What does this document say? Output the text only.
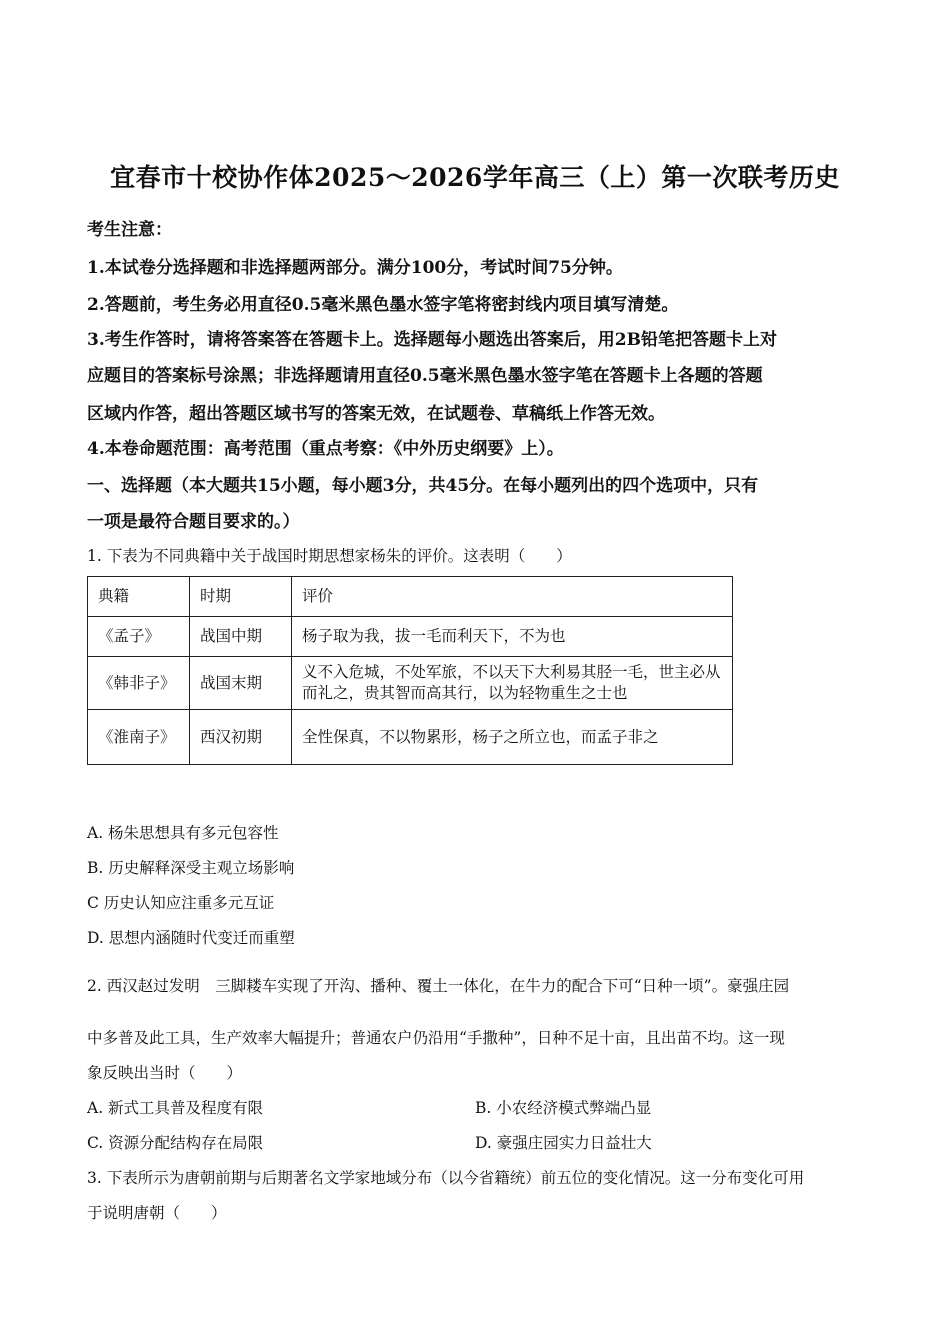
宜春市十校协作体2025～2026学年高三（上）第一次联考历史
考生注意：
1.本试卷分选择题和非选择题两部分。满分100分，考试时间75分钟。
2.答题前，考生务必用直径0.5毫米黑色墨水签字笔将密封线内项目填写清楚。
3.考生作答时，请将答案答在答题卡上。选择题每小题选出答案后，用2B铅笔把答题卡上对
应题目的答案标号涂黑；非选择题请用直径0.5毫米黑色墨水签字笔在答题卡上各题的答题
区域内作答，超出答题区域书写的答案无效，在试题卷、草稿纸上作答无效。
4.本卷命题范围：高考范围（重点考察：《中外历史纲要》上）。
一、选择题（本大题共15小题，每小题3分，共45分。在每小题列出的四个选项中，只有
一项是最符合题目要求的。）
1. 下表为不同典籍中关于战国时期思想家杨朱的评价。这表明（　　）
典籍	时期	评价
《孟子》	战国中期	杨子取为我，拔一毛而利天下，不为也
《韩非子》	战国末期	义不入危城，不处军旅，不以天下大利易其胫一毛，世主必从而礼之，贵其智而高其行，以为轻物重生之士也
《淮南子》	西汉初期	全性保真，不以物累形，杨子之所立也，而孟子非之
A. 杨朱思想具有多元包容性
B. 历史解释深受主观立场影响
C 历史认知应注重多元互证
D. 思想内涵随时代变迁而重塑
2. 西汉赵过发明　三脚耧车实现了开沟、播种、覆土一体化，在牛力的配合下可“日种一顷”。豪强庄园
中多普及此工具，生产效率大幅提升；普通农户仍沿用“手撒种”，日种不足十亩，且出苗不均。这一现
象反映出当时（　　）
A. 新式工具普及程度有限	B. 小农经济模式弊端凸显
C. 资源分配结构存在局限	D. 豪强庄园实力日益壮大
3. 下表所示为唐朝前期与后期著名文学家地域分布（以今省籍统）前五位的变化情况。这一分布变化可用
于说明唐朝（　　）
